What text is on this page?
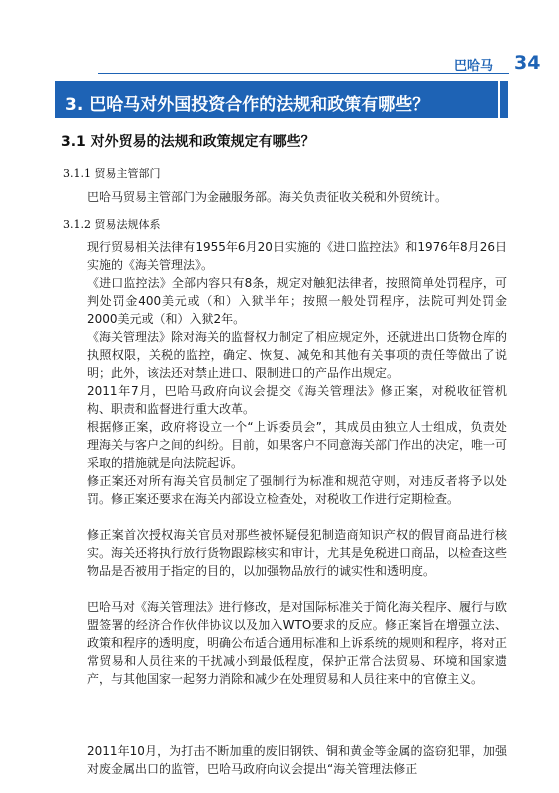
巴哈马 34
3. 巴哈马对外国投资合作的法规和政策有哪些？
3.1 对外贸易的法规和政策规定有哪些？
3.1.1 贸易主管部门

巴哈马贸易主管部门为金融服务部。海关负责征收关税和外贸统计。

3.1.2 贸易法规体系

现行贸易相关法律有1955年6月20日实施的《进口监控法》和1976年8月26日实施的《海关管理法》。

《进口监控法》全部内容只有8条，规定对触犯法律者，按照简单处罚程序，可判处罚金400美元或（和）入狱半年；按照一般处罚程序，法院可判处罚金2000美元或（和）入狱2年。

《海关管理法》除对海关的监督权力制定了相应规定外，还就进出口货物仓库的执照权限，关税的监控，确定、恢复、减免和其他有关事项的责任等做出了说明；此外，该法还对禁止进口、限制进口的产品作出规定。

2011年7月，巴哈马政府向议会提交《海关管理法》修正案，对税收征管机构、职责和监督进行重大改革。

根据修正案，政府将设立一个“上诉委员会”，其成员由独立人士组成，负责处理海关与客户之间的纠纷。目前，如果客户不同意海关部门作出的决定，唯一可采取的措施就是向法院起诉。

修正案还对所有海关官员制定了强制行为标准和规范守则，对违反者将予以处罚。修正案还要求在海关内部设立检查处，对税收工作进行定期检查。

修正案首次授权海关官员对那些被怀疑侵犯制造商知识产权的假冒商品进行核实。海关还将执行放行货物跟踪核实和审计，尤其是免税进口商品，以检查这些物品是否被用于指定的目的，以加强物品放行的诚实性和透明度。

巴哈马对《海关管理法》进行修改，是对国际标准关于简化海关程序、履行与欧盟签署的经济合作伙伴协议以及加入WTO要求的反应。修正案旨在增强立法、政策和程序的透明度，明确公布适合通用标准和上诉系统的规则和程序，将对正常贸易和人员往来的干扰减小到最低程度，保护正常合法贸易、环境和国家遗产，与其他国家一起努力消除和减少在处理贸易和人员往来中的官僚主义。

2011年10月，为打击不断加重的废旧钢铁、铜和黄金等金属的盗窃犯罪，加强对废金属出口的监管，巴哈马政府向议会提出“海关管理法修正
